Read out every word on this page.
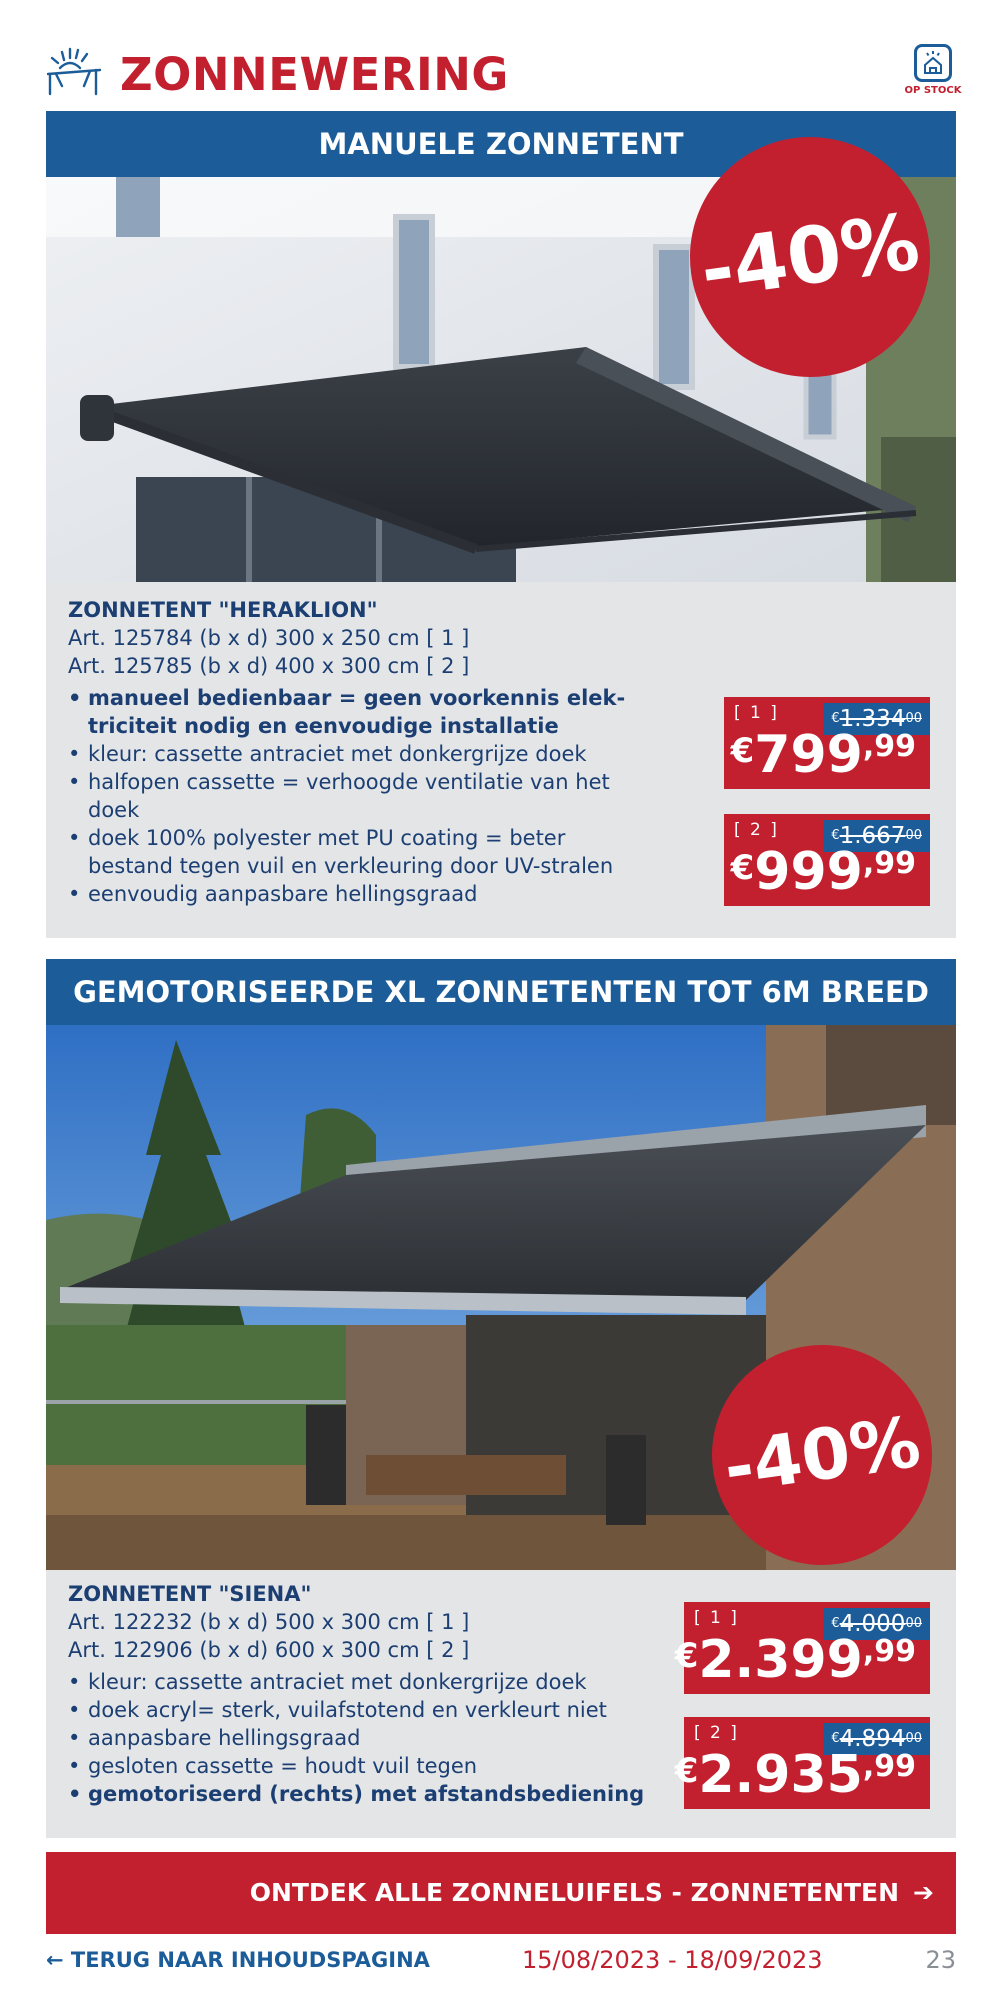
ZONNEWERING	OP STOCK
MANUELE ZONNETENT
-40%
ZONNETENT "HERAKLION"
Art. 125784 (b x d) 300 x 250 cm [ 1 ]
Art. 125785 (b x d) 400 x 300 cm [ 2 ]
• manueel bedienbaar = geen voorkennis elek-
triciteit nodig en eenvoudige installatie
• kleur: cassette antraciet met donkergrijze doek
• halfopen cassette = verhoogde ventilatie van het
doek
• doek 100% polyester met PU coating = beter
bestand tegen vuil en verkleuring door UV-stralen
• eenvoudig aanpasbare hellingsgraad
[ 1 ]	€1.334$^{00}$
€799,99
[ 2 ]	€1.667$^{00}$
€999,99
GEMOTORISEERDE XL ZONNETENTEN TOT 6M BREED
-40%
ZONNETENT "SIENA"
Art. 122232 (b x d) 500 x 300 cm [ 1 ]
Art. 122906 (b x d) 600 x 300 cm [ 2 ]
• kleur: cassette antraciet met donkergrijze doek
• doek acryl= sterk, vuilafstotend en verkleurt niet
• aanpasbare hellingsgraad
• gesloten cassette = houdt vuil tegen
• gemotoriseerd (rechts) met afstandsbediening
[ 1 ]	€4.000$^{00}$
€2.399,99
[ 2 ]	€4.894$^{00}$
€2.935,99
ONTDEK ALLE ZONNELUIFELS - ZONNETENTEN ➔
← TERUG NAAR INHOUDSPAGINA	15/08/2023 - 18/09/2023	23
